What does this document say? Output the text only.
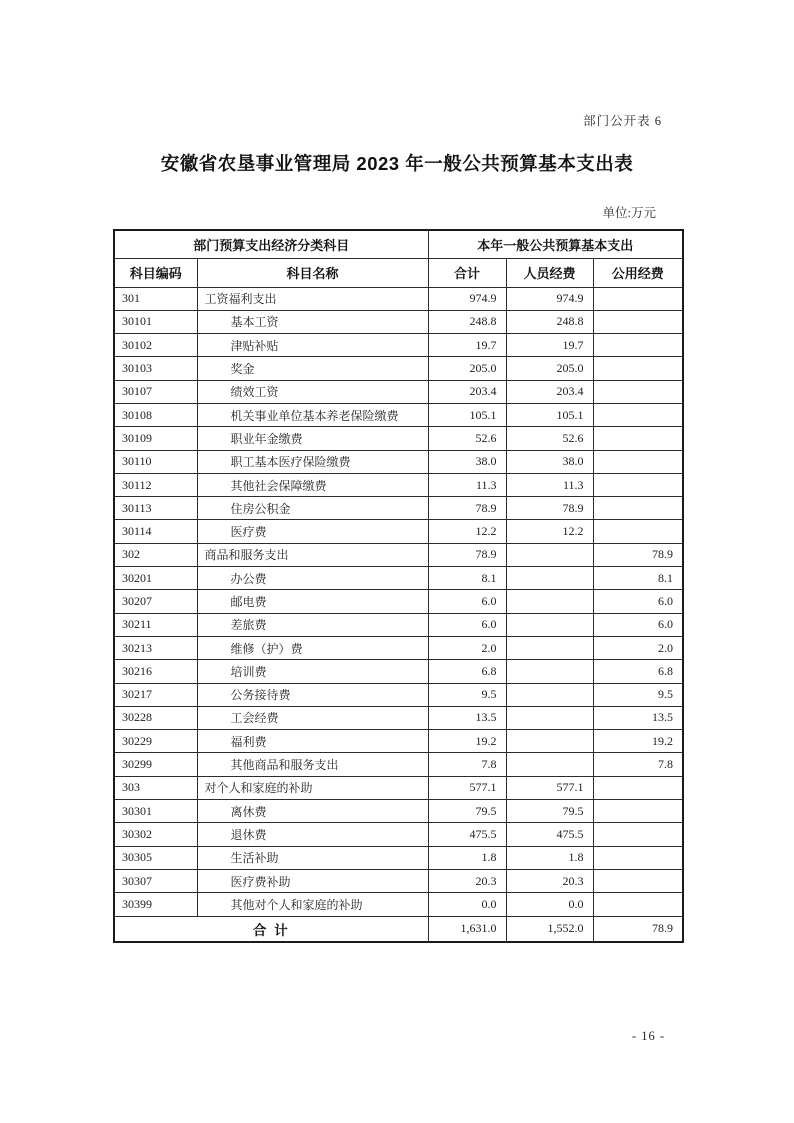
部门公开表 6
安徽省农垦事业管理局 2023 年一般公共预算基本支出表
单位:万元
部门预算支出经济分类科目		本年一般公共预算基本支出		
科目编码	科目名称	合计	人员经费	公用经费
301	工资福利支出	974.9	974.9	
30101	基本工资	248.8	248.8	
30102	津贴补贴	19.7	19.7	
30103	奖金	205.0	205.0	
30107	绩效工资	203.4	203.4	
30108	机关事业单位基本养老保险缴费	105.1	105.1	
30109	职业年金缴费	52.6	52.6	
30110	职工基本医疗保险缴费	38.0	38.0	
30112	其他社会保障缴费	11.3	11.3	
30113	住房公积金	78.9	78.9	
30114	医疗费	12.2	12.2	
302	商品和服务支出	78.9		78.9
30201	办公费	8.1		8.1
30207	邮电费	6.0		6.0
30211	差旅费	6.0		6.0
30213	维修（护）费	2.0		2.0
30216	培训费	6.8		6.8
30217	公务接待费	9.5		9.5
30228	工会经费	13.5		13.5
30229	福利费	19.2		19.2
30299	其他商品和服务支出	7.8		7.8
303	对个人和家庭的补助	577.1	577.1	
30301	离休费	79.5	79.5	
30302	退休费	475.5	475.5	
30305	生活补助	1.8	1.8	
30307	医疗费补助	20.3	20.3	
30399	其他对个人和家庭的补助	0.0	0.0	
合 计		1,631.0	1,552.0	78.9
- 16 -
